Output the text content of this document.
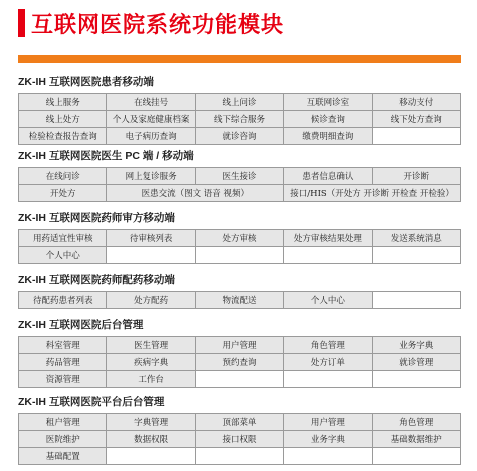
互联网医院系统功能模块
ZK-IH 互联网医院患者移动端
线上服务	在线挂号	线上问诊	互联网诊室	移动支付
线上处方	个人及家庭健康档案	线下综合服务	候诊查询	线下处方查询
检验检查报告查询	电子病历查询	就诊咨询	缴费明细查询	
ZK-IH 互联网医院医生 PC 端 / 移动端
在线问诊	网上复诊服务	医生接诊	患者信息确认	开诊断
开处方	医患交流（图文 语音 视频）		接口/HIS（开处方 开诊断 开检查 开检验）	
ZK-IH 互联网医院药师审方移动端
用药适宜性审核	待审核列表	处方审核	处方审核结果处理	发送系统消息
个人中心				
ZK-IH 互联网医院药师配药移动端
待配药患者列表	处方配药	物流配送	个人中心	
ZK-IH 互联网医院后台管理
科室管理	医生管理	用户管理	角色管理	业务字典
药品管理	疾病字典	预约查询	处方订单	就诊管理
资源管理	工作台			
ZK-IH 互联网医院平台后台管理
租户管理	字典管理	顶部菜单	用户管理	角色管理
医院维护	数据权限	接口权限	业务字典	基础数据维护
基础配置				
